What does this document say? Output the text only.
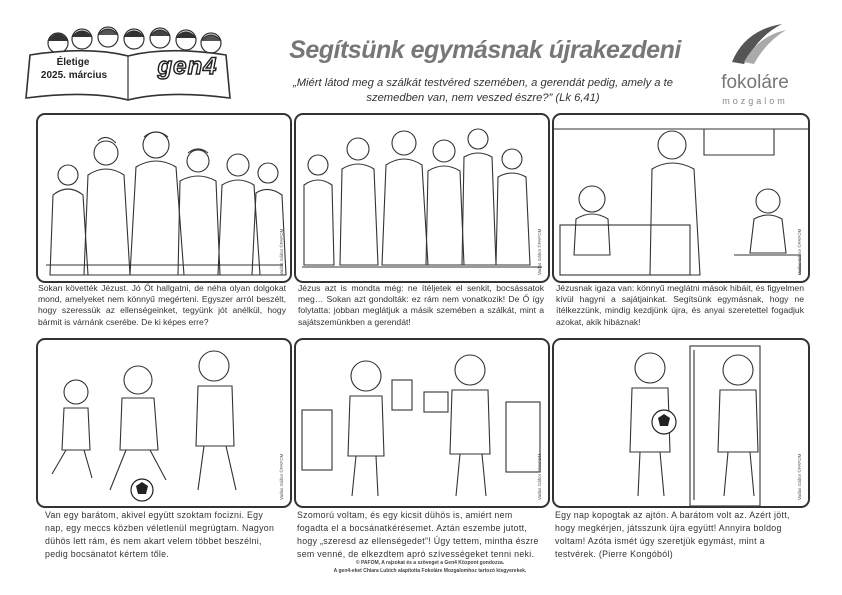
Életige
2025. március	gen4
Segítsünk egymásnak újrakezdeni
„Miért látod meg a szálkát testvéred szemében, a gerendát pedig, amely a te szemedben van, nem veszed észre?” (Lk 6,41)
fokoláre
mozgalom
Vadas Gábor ©PAFOM
Sokan követték Jézust. Jó Őt hallgatni, de néha olyan dolgokat mond, amelyeket nem könnyű megérteni. Egyszer arról beszélt, hogy szeressük az ellenségeinket, tegyünk jót anélkül, hogy bármit is várnánk cserébe. De ki képes erre?
Vadas Gábor ©PAFOM
Jézus azt is mondta még: ne ítéljetek el senkit, bocsássatok meg… Sokan azt gondolták: ez rám nem vonatkozik! De Ő így folytatta: jobban meglátjuk a másik szemében a szálkát, mint a sajátszemünkben a gerendát!
Vadas Gábor ©PAFOM
Jézusnak igaza van: könnyű meglátni mások hibáit, és figyelmen kívül hagyni a sajátjainkat. Segítsünk egymásnak, hogy ne ítélkezzünk, mindig kezdjünk újra, és anyai szeretettel fogadjuk azokat, akik hibáznak!
Vadas Gábor ©PAFOM
Van egy barátom, akivel együtt szoktam focizni. Egy nap, egy meccs közben véletlenül megrúgtam. Nagyon dühös lett rám, és nem akart velem többet beszélni, pedig bocsánatot kértem tőle.
Vadas Gábor ©PAFOM
Szomorú voltam, és egy kicsit dühös is, amiért nem fogadta el a bocsánatkérésemet. Aztán eszembe jutott, hogy „szeresd az ellenségedet”! Úgy tettem, mintha észre sem venné, de elkezdtem apró szívességeket tenni neki.
Vadas Gábor ©PAFOM
Egy nap kopogtak az ajtón. A barátom volt az. Azért jött, hogy megkérjen, játsszunk újra együtt! Annyira boldog voltam! Azóta ismét úgy szeretjük egymást, mint a testvérek. (Pierre Kongóból)
© PAFOM, A rajzokat és a szöveget a Gen4 Központ gondozza.
A gen4-eket Chiara Lubich alapította Fokoláre Mozgalomhoz tartozó kisgyerekek.
